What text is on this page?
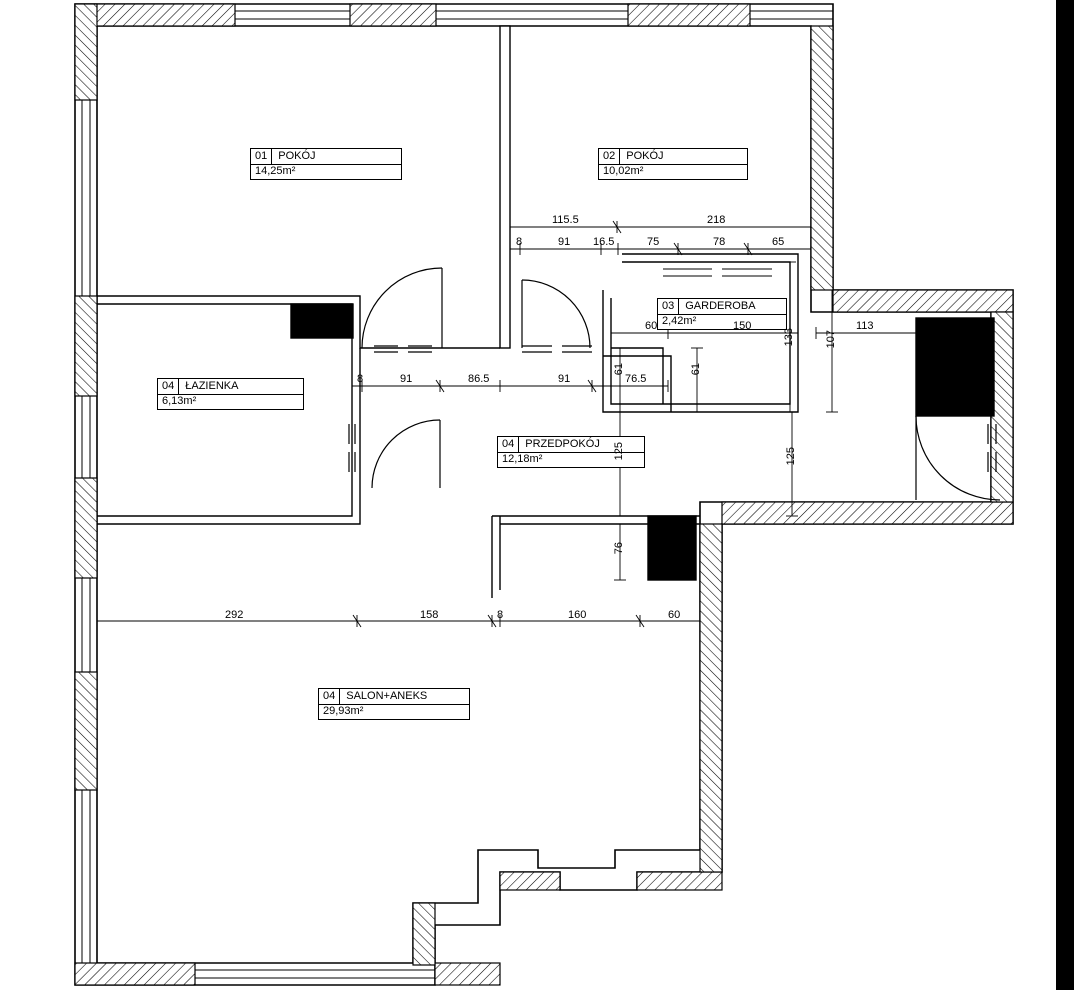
01	POKÓJ
14,25m²
02	POKÓJ
10,02m²
03	GARDEROBA
2,42m²
04	ŁAZIENKA
6,13m²
04	PRZEDPOKÓJ
12,18m²
04	SALON+ANEKS
29,93m²
115.5	218
8	91 16.5	75	78	65
60	150	113
8	91	86.5	91	76.5
292	158	8	160	60
133	107
61	61
125	125
76
